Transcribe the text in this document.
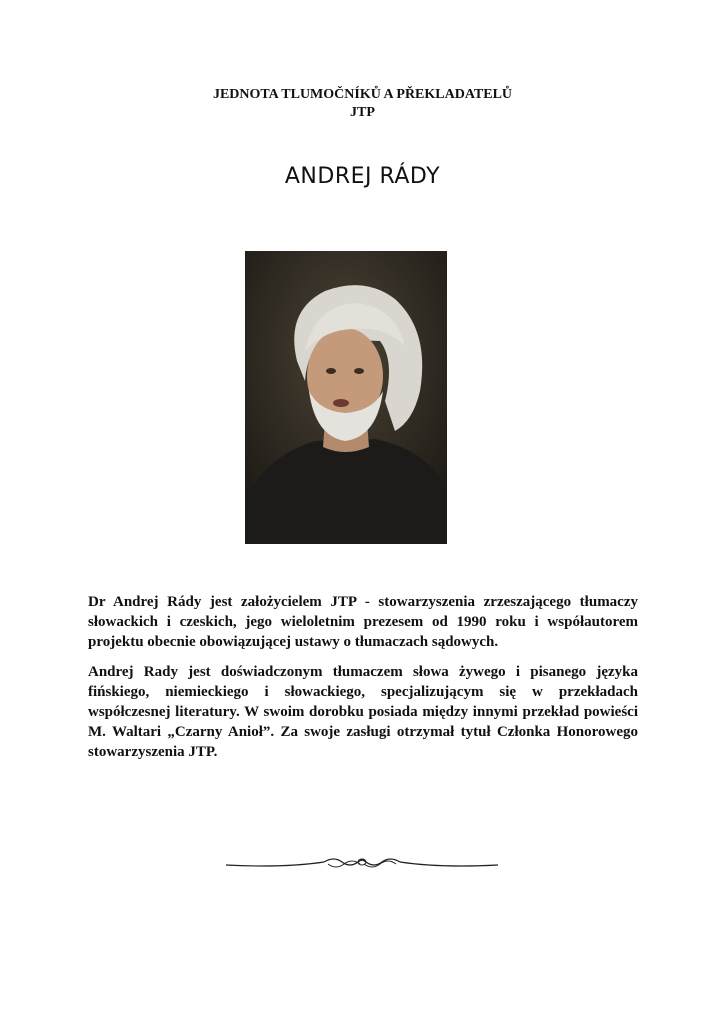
JEDNOTA TLUMOČNÍKŮ A PŘEKLADATELŮ
JTP
ANDREJ RÁDY

Dr Andrej Rády jest założycielem JTP - stowarzyszenia zrzeszającego tłumaczy słowackich i czeskich, jego wieloletnim prezesem od 1990 roku i współautorem projektu obecnie obowiązującej ustawy o tłumaczach sądowych.

Andrej Rady jest doświadczonym tłumaczem słowa żywego i pisanego języka fińskiego, niemieckiego i słowackiego, specjalizującym się w przekładach współczesnej literatury. W swoim dorobku posiada między innymi przekład powieści M. Waltari „Czarny Anioł”. Za swoje zasługi otrzymał tytuł Członka Honorowego stowarzyszenia JTP.
